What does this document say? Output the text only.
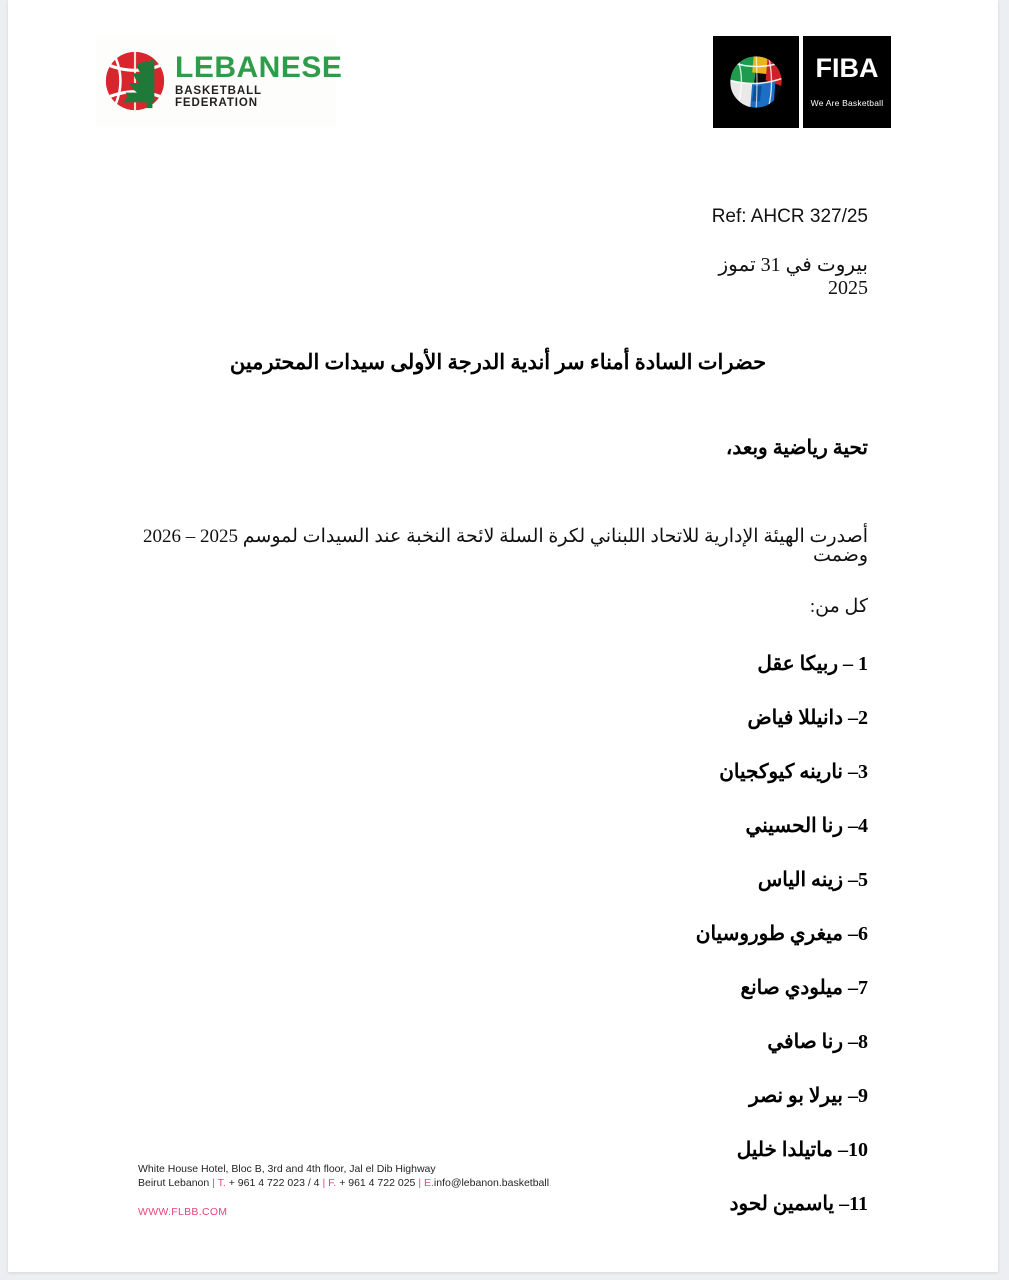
LEBANESE
BASKETBALL FEDERATION
FIBA
We Are Basketball
Ref: AHCR 327/25
بيروت في 31 تموز 2025
حضرات السادة أمناء سر أندية الدرجة الأولى سيدات المحترمين
تحية رياضية وبعد،
أصدرت الهيئة الإدارية للاتحاد اللبناني لكرة السلة لائحة النخبة عند السيدات لموسم 2025 – 2026 وضمت
كل من:
1 – ربيكا عقل
2– دانيللا فياض
3– نارينه كيوكجيان
4– رنا الحسيني
5– زينه الياس
6– ميغري طوروسيان
7– ميلودي صانع
8– رنا صافي
9– بيرلا بو نصر
10– ماتيلدا خليل
11– ياسمين لحود
White House Hotel, Bloc B, 3rd and 4th floor, Jal el Dib Highway
Beirut Lebanon | T. + 961 4 722 023 / 4 | F. + 961 4 722 025 | E.info@lebanon.basketball
WWW.FLBB.COM
